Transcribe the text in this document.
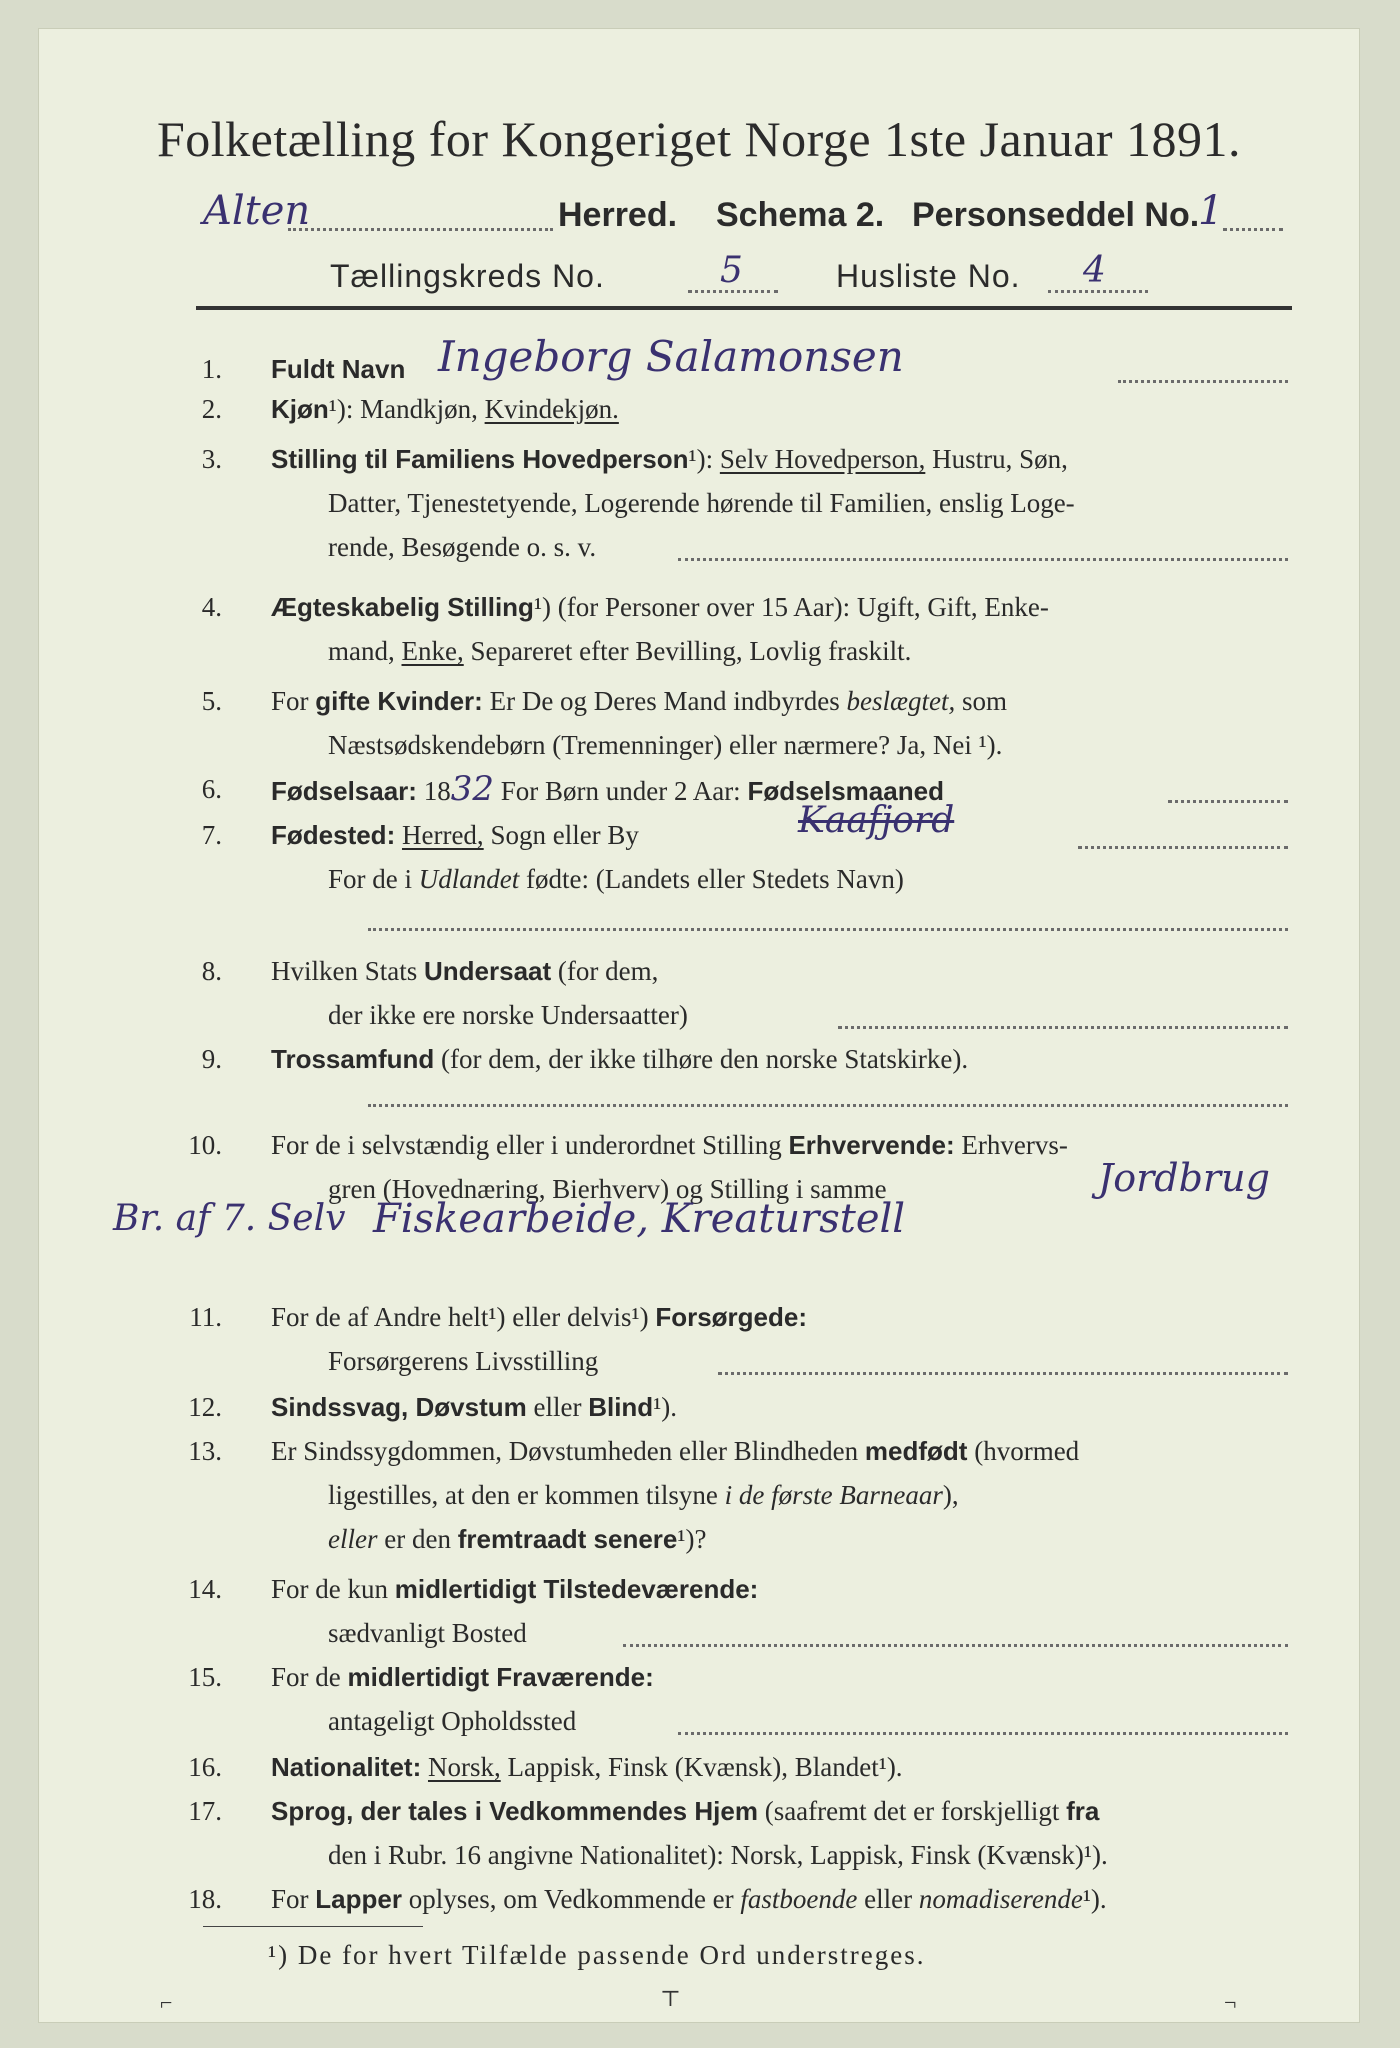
Folketælling for Kongeriget Norge 1ste Januar 1891.
Alten	Herred. Schema 2. Personseddel No.
1
Tællingskreds No.	5	Husliste No. 4
1. Fuldt Navn Ingeborg Salamonsen
2. Kjøn¹): Mandkjøn, Kvindekjøn.
3. Stilling til Familiens Hovedperson¹): Selv Hovedperson, Hustru, Søn,
Datter, Tjenestetyende, Logerende hørende til Familien, enslig Loge-
rende, Besøgende o. s. v.
4. Ægteskabelig Stilling¹) (for Personer over 15 Aar): Ugift, Gift, Enke-
mand, Enke, Separeret efter Bevilling, Lovlig fraskilt.
5. For gifte Kvinder: Er De og Deres Mand indbyrdes beslægtet, som
Næstsødskendebørn (Tremenninger) eller nærmere? Ja, Nei ¹).
6. Fødselsaar: 1832 For Børn under 2 Aar: Fødselsmaaned
7. Fødested: Herred, Sogn eller By	Kaafjord
For de i Udlandet fødte: (Landets eller Stedets Navn)
8. Hvilken Stats Undersaat (for dem,
der ikke ere norske Undersaatter)
9. Trossamfund (for dem, der ikke tilhøre den norske Statskirke).
10. For de i selvstændig eller i underordnet Stilling Erhvervende: Erhvervs-
gren (Hovednæring, Bierhverv) og Stilling i samme	Jordbrug
Br. af 7. Selv Fiskearbeide, Kreaturstell
11. For de af Andre helt¹) eller delvis¹) Forsørgede:
Forsørgerens Livsstilling
12. Sindssvag, Døvstum eller Blind¹).
13. Er Sindssygdommen, Døvstumheden eller Blindheden medfødt (hvormed
ligestilles, at den er kommen tilsyne i de første Barneaar),
eller er den fremtraadt senere¹)?
14. For de kun midlertidigt Tilstedeværende:
sædvanligt Bosted
15. For de midlertidigt Fraværende:
antageligt Opholdssted
16. Nationalitet: Norsk, Lappisk, Finsk (Kvænsk), Blandet¹).
17. Sprog, der tales i Vedkommendes Hjem (saafremt det er forskjelligt fra
den i Rubr. 16 angivne Nationalitet): Norsk, Lappisk, Finsk (Kvænsk)¹).
18. For Lapper oplyses, om Vedkommende er fastboende eller nomadiserende¹).
¹) De for hvert Tilfælde passende Ord understreges.
⌐	⊤	¬
